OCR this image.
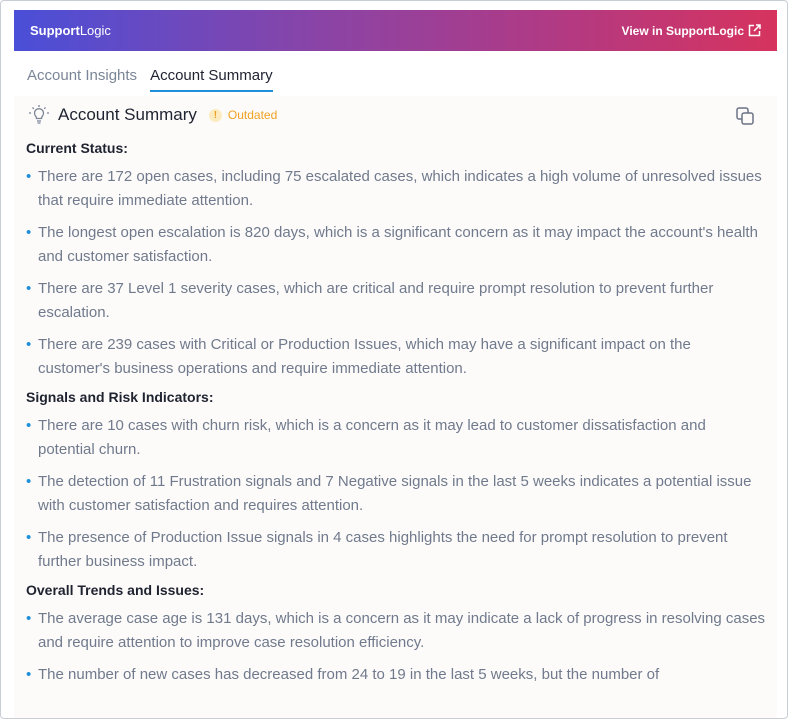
SupportLogic	View in SupportLogic
Account Insights Account Summary
Account Summary	! Outdated
Current Status:
• There are 172 open cases, including 75 escalated cases, which indicates a high volume of unresolved issues that require immediate attention.
• The longest open escalation is 820 days, which is a significant concern as it may impact the account's health and customer satisfaction.
• There are 37 Level 1 severity cases, which are critical and require prompt resolution to prevent further escalation.
• There are 239 cases with Critical or Production Issues, which may have a significant impact on the customer's business operations and require immediate attention.
Signals and Risk Indicators:
• There are 10 cases with churn risk, which is a concern as it may lead to customer dissatisfaction and potential churn.
• The detection of 11 Frustration signals and 7 Negative signals in the last 5 weeks indicates a potential issue with customer satisfaction and requires attention.
• The presence of Production Issue signals in 4 cases highlights the need for prompt resolution to prevent further business impact.
Overall Trends and Issues:
• The average case age is 131 days, which is a concern as it may indicate a lack of progress in resolving cases and require attention to improve case resolution efficiency.
• The number of new cases has decreased from 24 to 19 in the last 5 weeks, but the number of
